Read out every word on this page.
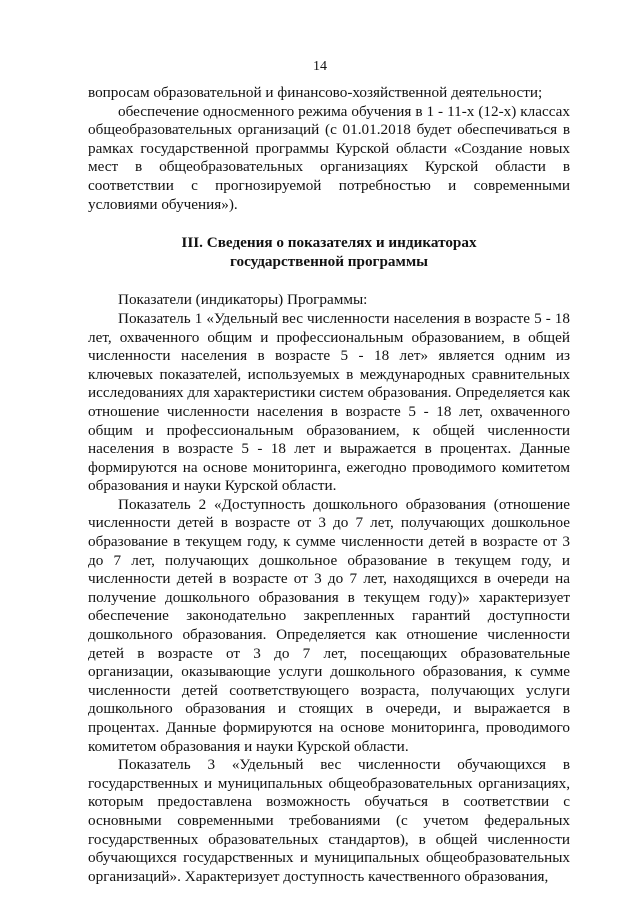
14

вопросам образовательной и финансово-хозяйственной деятельности;

обеспечение односменного режима обучения в 1 - 11-х (12-х) классах общеобразовательных организаций (с 01.01.2018 будет обеспечиваться в рамках государственной программы Курской области «Создание новых мест в общеобразовательных организациях Курской области в соответствии с прогнозируемой потребностью и современными условиями обучения»).

III. Сведения о показателях и индикаторах
государственной программы

Показатели (индикаторы) Программы:

Показатель 1 «Удельный вес численности населения в возрасте 5 - 18 лет, охваченного общим и профессиональным образованием, в общей численности населения в возрасте 5 - 18 лет» является одним из ключевых показателей, используемых в международных сравнительных исследованиях для характеристики систем образования. Определяется как отношение численности населения в возрасте 5 - 18 лет, охваченного общим и профессиональным образованием, к общей численности населения в возрасте 5 - 18 лет и выражается в процентах. Данные формируются на основе мониторинга, ежегодно проводимого комитетом образования и науки Курской области.

Показатель 2 «Доступность дошкольного образования (отношение численности детей в возрасте от 3 до 7 лет, получающих дошкольное образование в текущем году, к сумме численности детей в возрасте от 3 до 7 лет, получающих дошкольное образование в текущем году, и численности детей в возрасте от 3 до 7 лет, находящихся в очереди на получение дошкольного образования в текущем году)» характеризует обеспечение законодательно закрепленных гарантий доступности дошкольного образования. Определяется как отношение численности детей в возрасте от 3 до 7 лет, посещающих образовательные организации, оказывающие услуги дошкольного образования, к сумме численности детей соответствующего возраста, получающих услуги дошкольного образования и стоящих в очереди, и выражается в процентах. Данные формируются на основе мониторинга, проводимого комитетом образования и науки Курской области.

Показатель 3 «Удельный вес численности обучающихся в государственных и муниципальных общеобразовательных организациях, которым предоставлена возможность обучаться в соответствии с основными современными требованиями (с учетом федеральных государственных образовательных стандартов), в общей численности обучающихся государственных и муниципальных общеобразовательных организаций». Характеризует доступность качественного образования,
